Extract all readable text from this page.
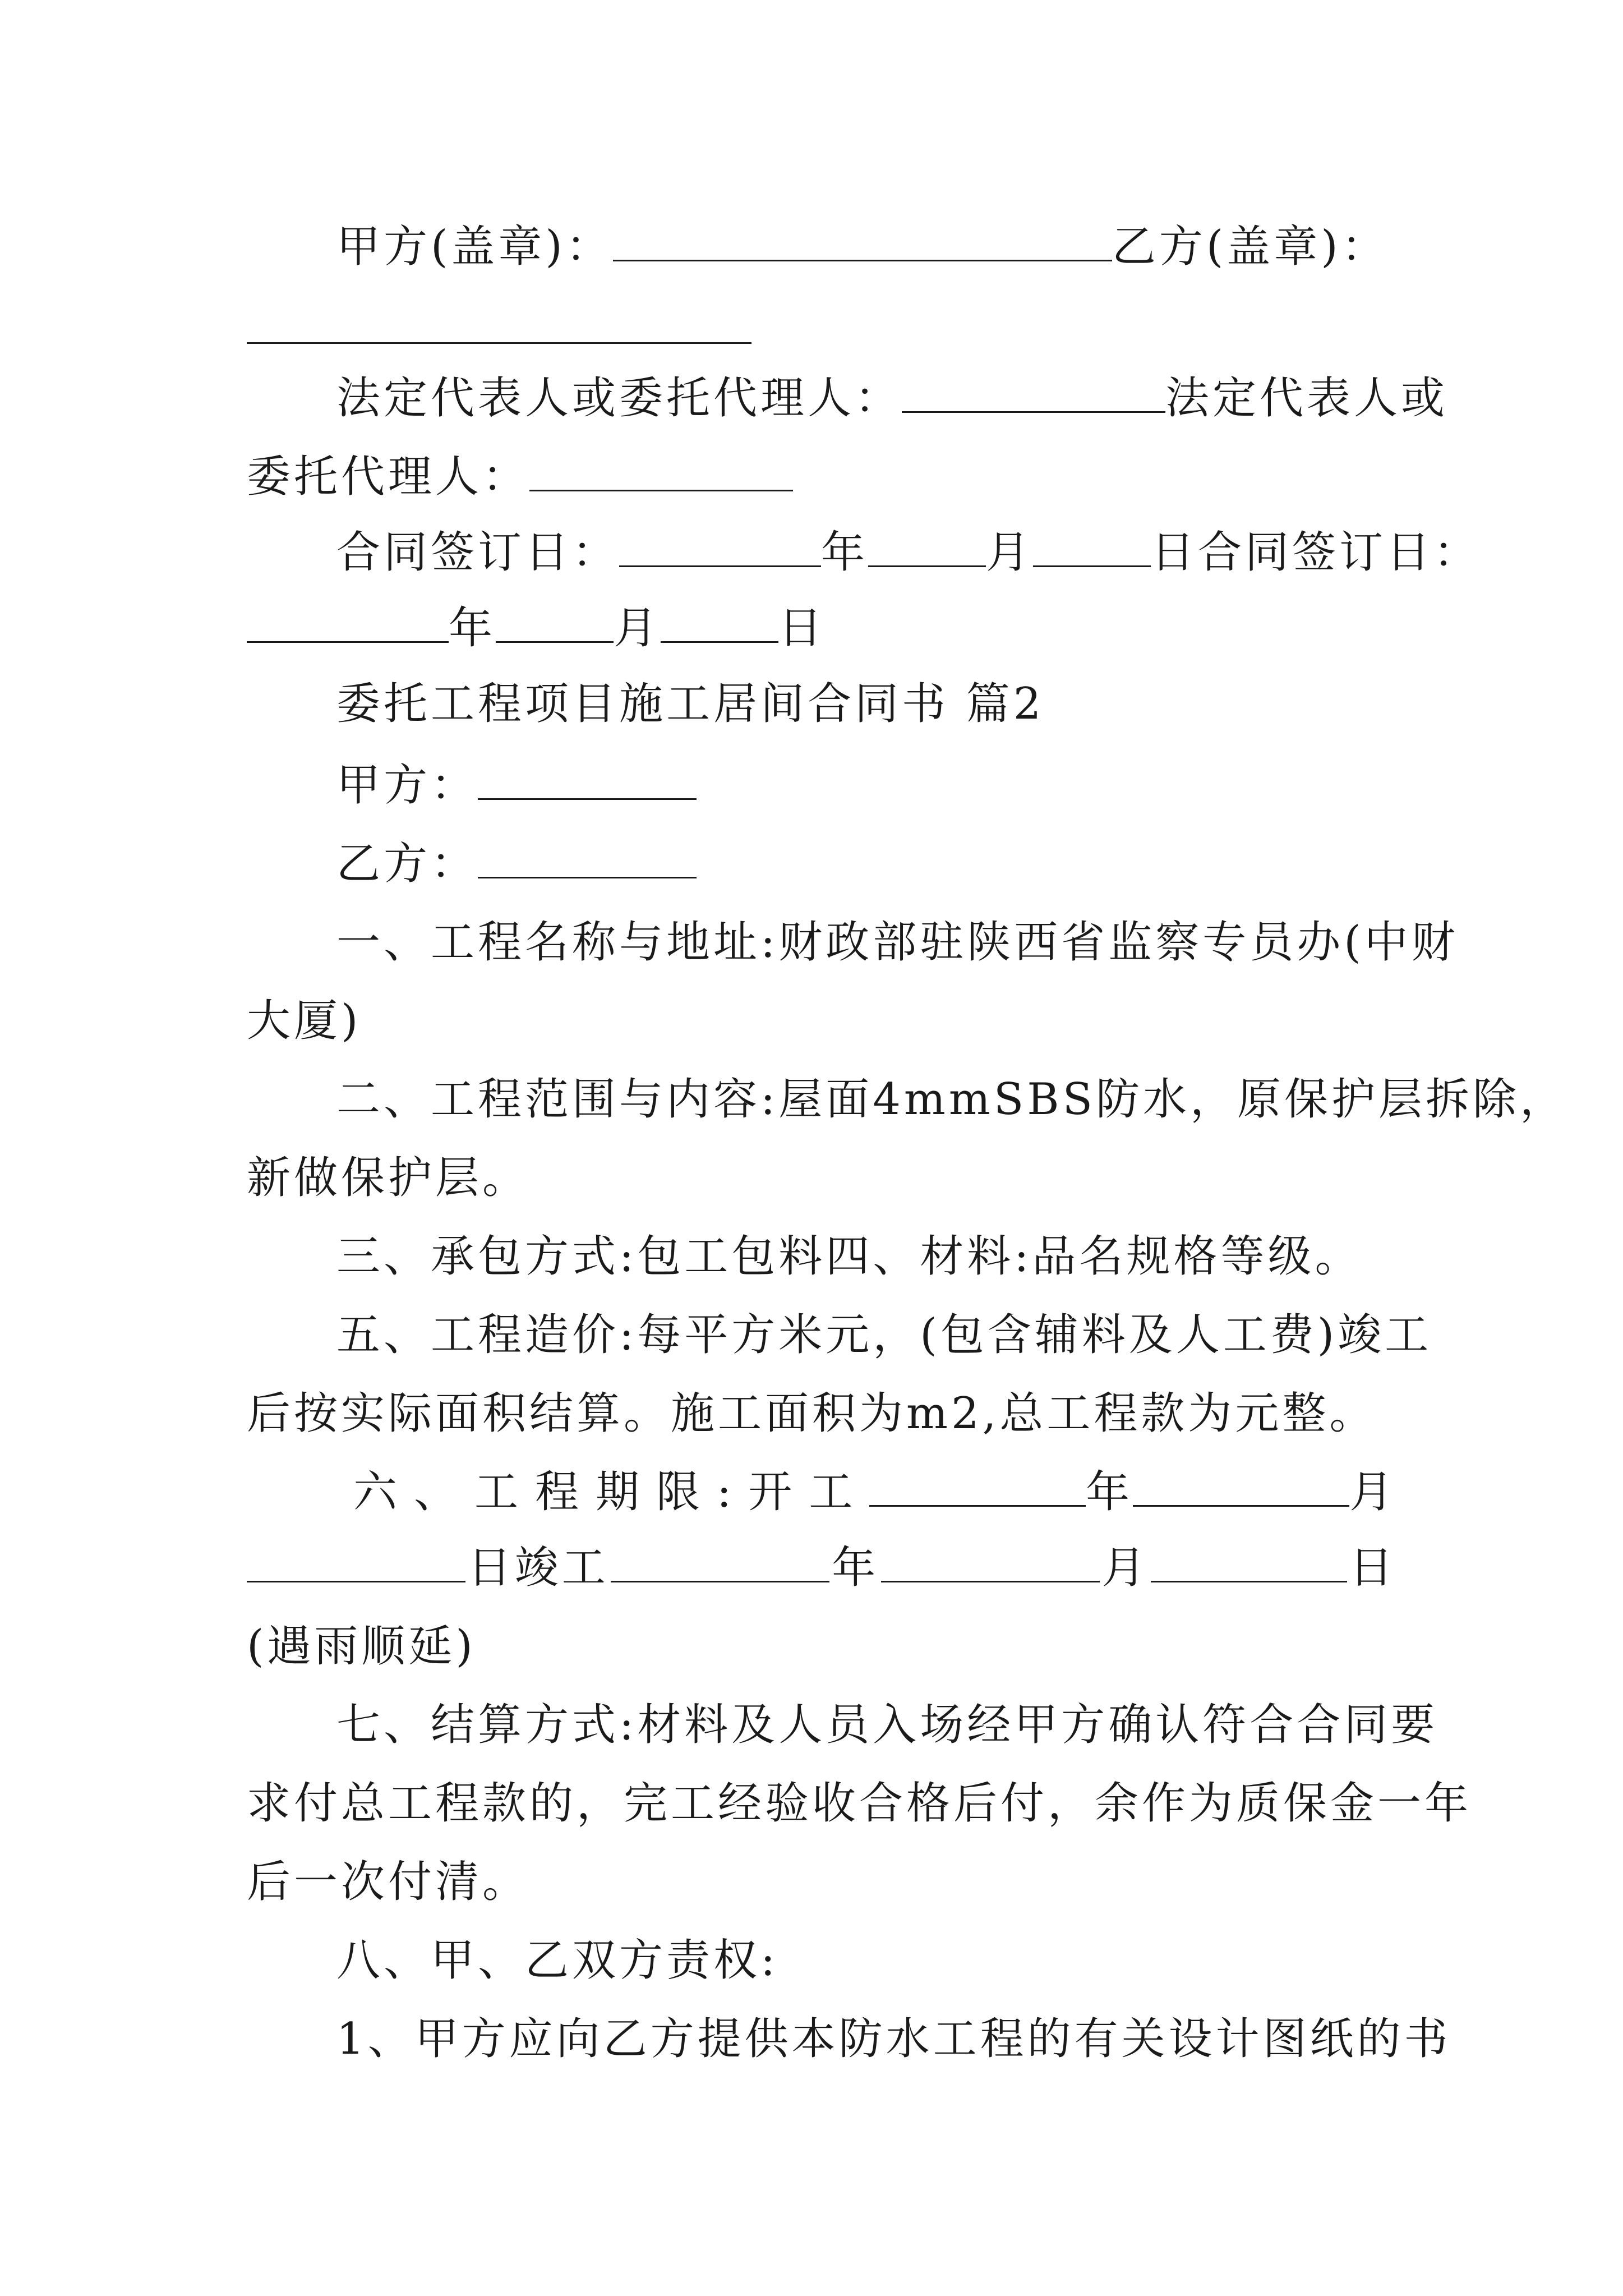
甲方(盖章)：	乙方(盖章)：
法定代表人或委托代理人：	法定代表人或
委托代理人：
合同签订日：	年	月	日合同签订日：
年	月	日
委托工程项目施工居间合同书 篇2
甲方：
乙方：
一、工程名称与地址:财政部驻陕西省监察专员办(中财
大厦)
二、工程范围与内容:屋面4mmSBS防水，原保护层拆除，
新做保护层。
三、承包方式:包工包料四、材料:品名规格等级。
五、工程造价:每平方米元，(包含辅料及人工费)竣工
后按实际面积结算。施工面积为m2,总工程款为元整。
六、工程期限:开工	年	月
日竣工	年	月	日
(遇雨顺延)
七、结算方式:材料及人员入场经甲方确认符合合同要
求付总工程款的，完工经验收合格后付，余作为质保金一年
后一次付清。
八、甲、乙双方责权:
1、甲方应向乙方提供本防水工程的有关设计图纸的书
